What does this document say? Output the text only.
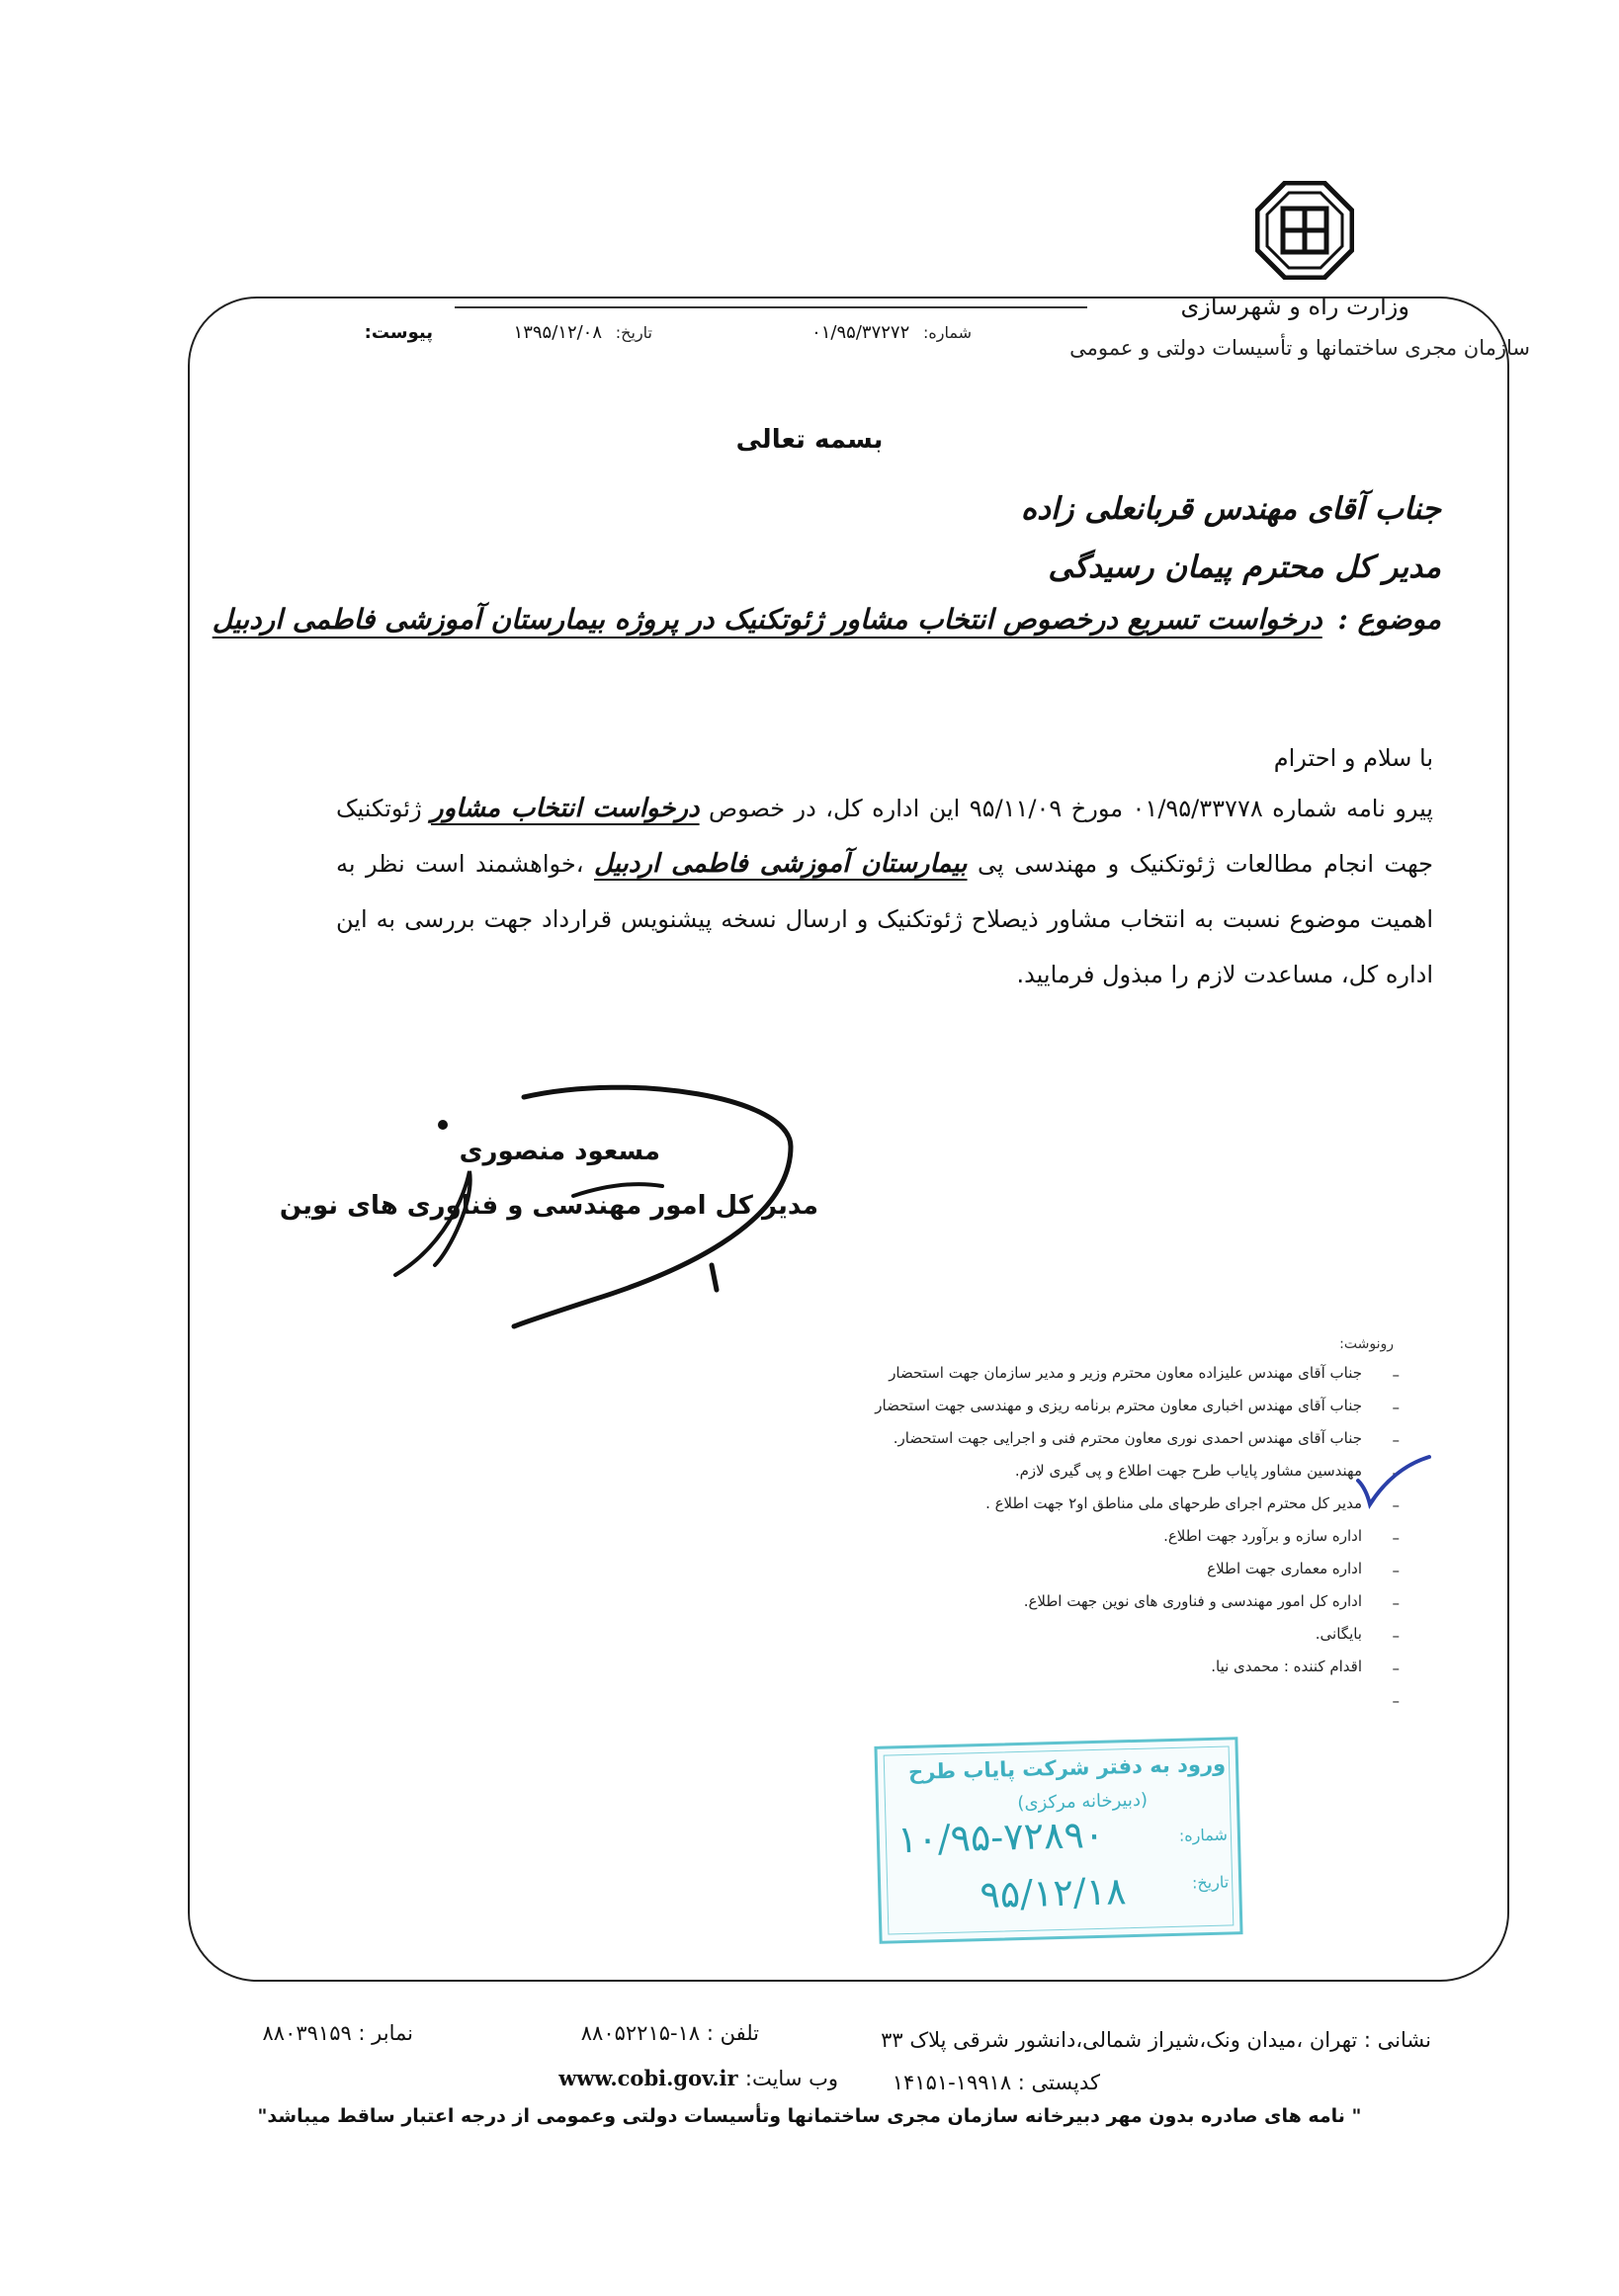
وزارت راه و شهرسازی
سازمان مجری ساختمانها و تأسیسات دولتی و عمومی
شماره: ۰۱/۹۵/۳۷۲۷۲
تاریخ: ۱۳۹۵/۱۲/۰۸
پیوست:
بسمه تعالی
جناب آقای مهندس قربانعلی زاده
مدیر کل محترم پیمان رسیدگی
موضوع : درخواست تسریع درخصوص انتخاب مشاور ژئوتکنیک در پروژه بیمارستان آموزشی فاطمی اردبیل
با سلام و احترام
پیرو نامه شماره ۰۱/۹۵/۳۳۷۷۸ مورخ ۹۵/۱۱/۰۹ این اداره کل، در خصوص درخواست انتخاب مشاور ژئوتکنیک جهت انجام مطالعات ژئوتکنیک و مهندسی پی بیمارستان آموزشی فاطمی اردبیل ،خواهشمند است نظر به اهمیت موضوع نسبت به انتخاب مشاور ذیصلاح ژئوتکنیک و ارسال نسخه پیشنویس قرارداد جهت بررسی به این اداره کل، مساعدت لازم را مبذول فرمایید.
مسعود منصوری
مدیر کل امور مهندسی و فناوری های نوین
رونوشت:
–
جناب آقای مهندس علیزاده معاون محترم وزیر و مدیر سازمان جهت استحضار
–
جناب آقای مهندس اخباری معاون محترم برنامه ریزی و مهندسی جهت استحضار
–
جناب آقای مهندس احمدی نوری معاون محترم فنی و اجرایی جهت استحضار.
–
مهندسین مشاور پایاب طرح جهت اطلاع و پی گیری لازم.
–
مدیر کل محترم اجرای طرحهای ملی مناطق او۲ جهت اطلاع .
–
اداره سازه و برآورد جهت اطلاع.
–
اداره معماری جهت اطلاع
–
اداره کل امور مهندسی و فناوری های نوین جهت اطلاع.
–
بایگانی.
–
اقدام کننده : محمدی نیا.
–
ورود به دفتر شرکت پایاب طرح
(دبیرخانه مرکزی)
شماره:
تاریخ:
۱۰/۹۵-۷۲۸۹۰
۹۵/۱۲/۱۸
نشانی : تهران ،میدان ونک،شیراز شمالی،دانشور شرقی پلاک ۳۳
تلفن : ۱۸-۸۸۰۵۲۲۱۵
نمابر : ۸۸۰۳۹۱۵۹
کدپستی : ۱۹۹۱۸-۱۴۱۵۱
وب سایت: www.cobi.gov.ir
" نامه های صادره بدون مهر دبیرخانه سازمان مجری ساختمانها وتأسیسات دولتی وعمومی از درجه اعتبار ساقط میباشد"
